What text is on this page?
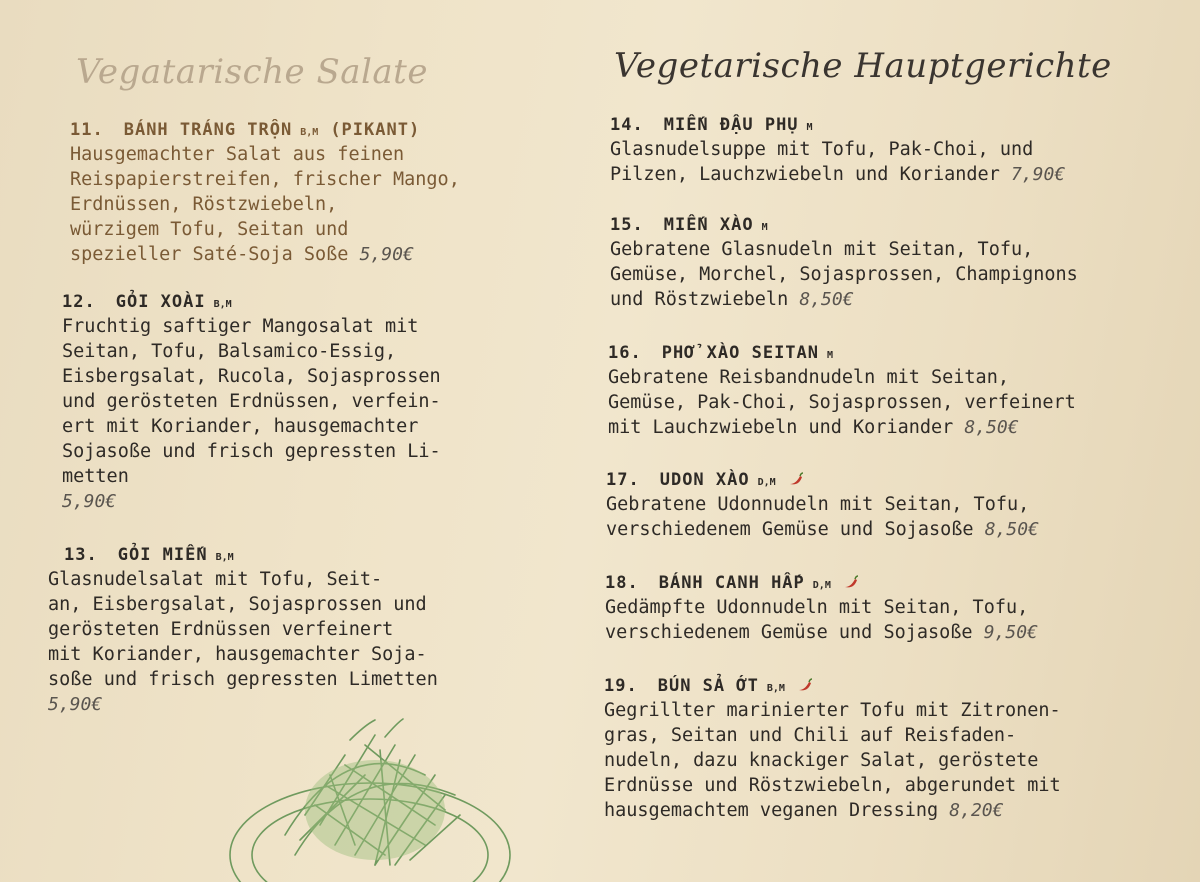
Vegatarische Salate
11. BÁNH TRÁNG TRỘN B,M (PIKANT)
Hausgemachter Salat aus feinen
Reispapierstreifen, frischer Mango,
Erdnüssen, Röstzwiebeln,
würzigem Tofu, Seitan und
spezieller Saté-Soja Soße 5,90€
12. GỎI XOÀI B,M
Fruchtig saftiger Mangosalat mit
Seitan, Tofu, Balsamico-Essig,
Eisbergsalat, Rucola, Sojasprossen
und gerösteten Erdnüssen, verfein-
ert mit Koriander, hausgemachter
Sojasoße und frisch gepressten Li-
metten
5,90€
13. GỎI MIẾN B,M
Glasnudelsalat mit Tofu, Seit-
an, Eisbergsalat, Sojasprossen und
gerösteten Erdnüssen verfeinert
mit Koriander, hausgemachter Soja-
soße und frisch gepressten Limetten
5,90€
Vegetarische Hauptgerichte
14. MIẾN ĐẬU PHỤ M
Glasnudelsuppe mit Tofu, Pak-Choi, und
Pilzen, Lauchzwiebeln und Koriander 7,90€
15. MIẾN XÀO M
Gebratene Glasnudeln mit Seitan, Tofu,
Gemüse, Morchel, Sojasprossen, Champignons
und Röstzwiebeln 8,50€
16. PHỞ XÀO SEITAN M
Gebratene Reisbandnudeln mit Seitan,
Gemüse, Pak-Choi, Sojasprossen, verfeinert
mit Lauchzwiebeln und Koriander 8,50€
17. UDON XÀO D,M
Gebratene Udonnudeln mit Seitan, Tofu,
verschiedenem Gemüse und Sojasoße 8,50€
18. BÁNH CANH HẤP D,M
Gedämpfte Udonnudeln mit Seitan, Tofu,
verschiedenem Gemüse und Sojasoße 9,50€
19. BÚN SẢ ỚT B,M
Gegrillter marinierter Tofu mit Zitronen-
gras, Seitan und Chili auf Reisfaden-
nudeln, dazu knackiger Salat, geröstete
Erdnüsse und Röstzwiebeln, abgerundet mit
hausgemachtem veganen Dressing 8,20€
